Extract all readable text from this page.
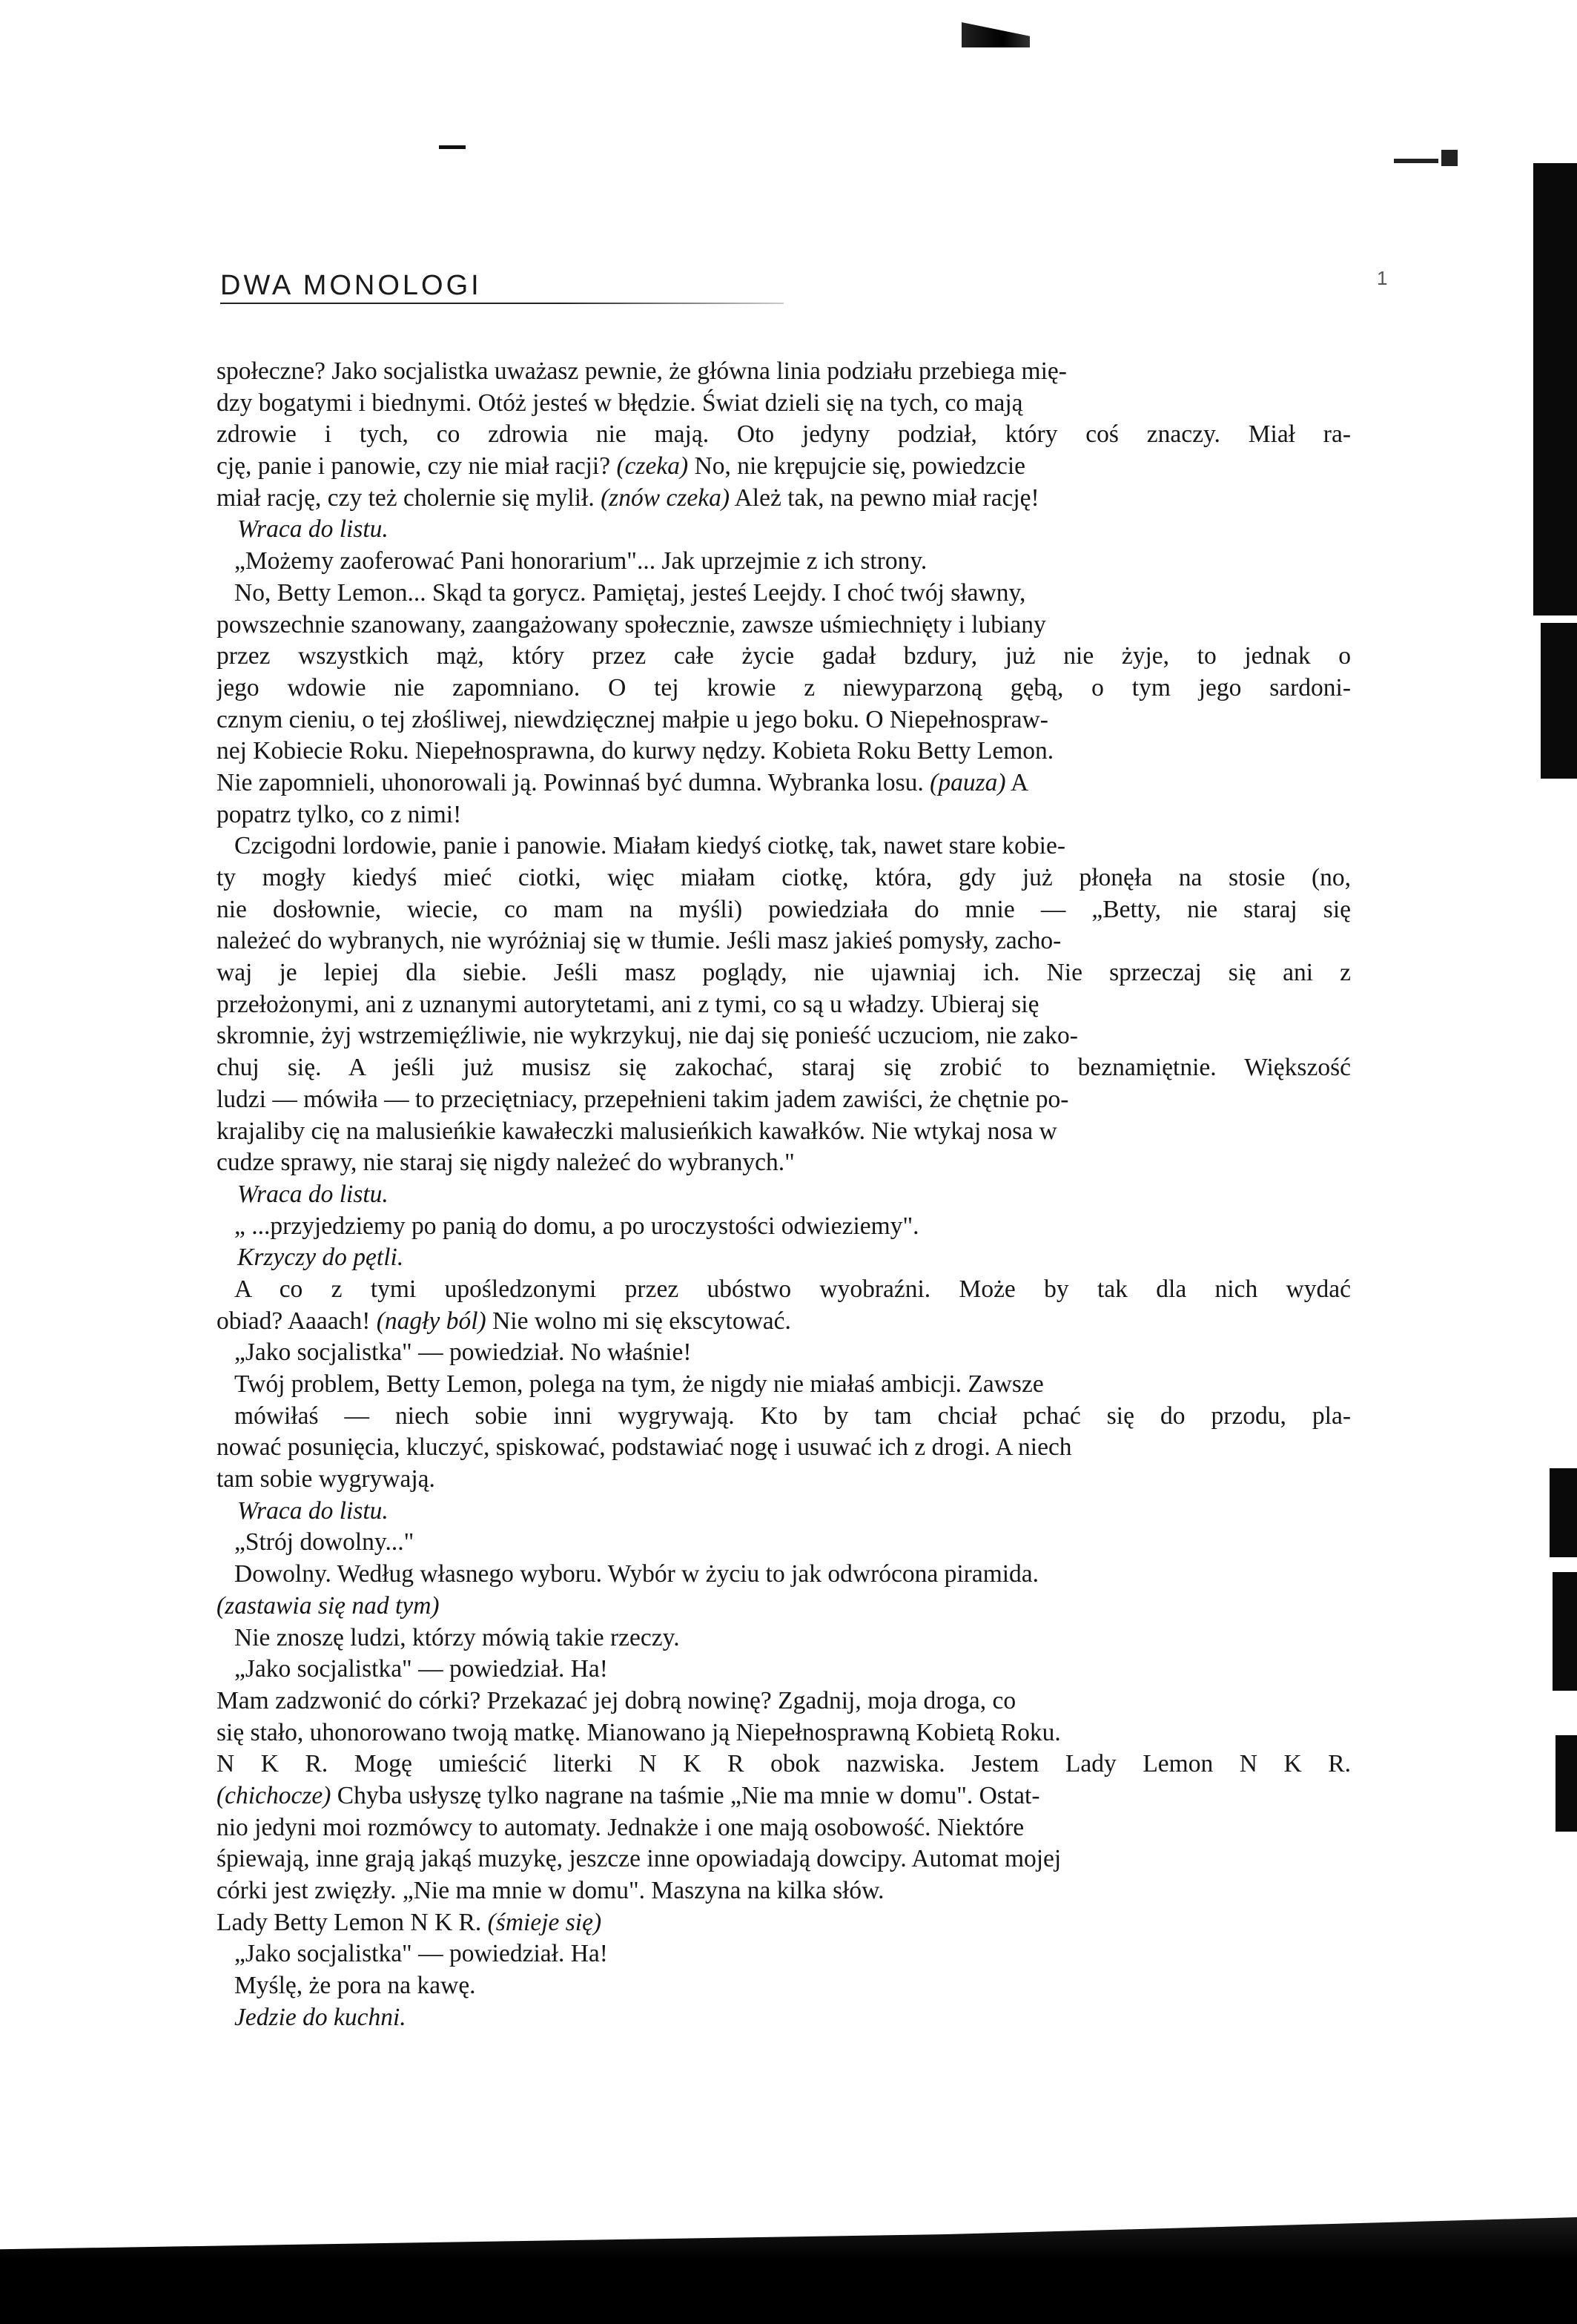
DWA MONOLOGI	1
społeczne? Jako socjalistka uważasz pewnie, że główna linia podziału przebiega mię-
dzy bogatymi i biednymi. Otóż jesteś w błędzie. Świat dzieli się na tych, co mają
zdrowie i tych, co zdrowia nie mają. Oto jedyny podział, który coś znaczy. Miał ra-
cję, panie i panowie, czy nie miał racji? (czeka) No, nie krępujcie się, powiedzcie
miał rację, czy też cholernie się mylił. (znów czeka) Ależ tak, na pewno miał rację!
Wraca do listu.
„Możemy zaoferować Pani honorarium"... Jak uprzejmie z ich strony.
No, Betty Lemon... Skąd ta gorycz. Pamiętaj, jesteś Leejdy. I choć twój sławny,
powszechnie szanowany, zaangażowany społecznie, zawsze uśmiechnięty i lubiany
przez wszystkich mąż, który przez całe życie gadał bzdury, już nie żyje, to jednak o
jego wdowie nie zapomniano. O tej krowie z niewyparzoną gębą, o tym jego sardoni-
cznym cieniu, o tej złośliwej, niewdzięcznej małpie u jego boku. O Niepełnospraw-
nej Kobiecie Roku. Niepełnosprawna, do kurwy nędzy. Kobieta Roku Betty Lemon.
Nie zapomnieli, uhonorowali ją. Powinnaś być dumna. Wybranka losu. (pauza) A
popatrz tylko, co z nimi!
Czcigodni lordowie, panie i panowie. Miałam kiedyś ciotkę, tak, nawet stare kobie-
ty mogły kiedyś mieć ciotki, więc miałam ciotkę, która, gdy już płonęła na stosie (no,
nie dosłownie, wiecie, co mam na myśli) powiedziała do mnie — „Betty, nie staraj się
należeć do wybranych, nie wyróżniaj się w tłumie. Jeśli masz jakieś pomysły, zacho-
waj je lepiej dla siebie. Jeśli masz poglądy, nie ujawniaj ich. Nie sprzeczaj się ani z
przełożonymi, ani z uznanymi autorytetami, ani z tymi, co są u władzy. Ubieraj się
skromnie, żyj wstrzemięźliwie, nie wykrzykuj, nie daj się ponieść uczuciom, nie zako-
chuj się. A jeśli już musisz się zakochać, staraj się zrobić to beznamiętnie. Większość
ludzi — mówiła — to przeciętniacy, przepełnieni takim jadem zawiści, że chętnie po-
krajaliby cię na malusieńkie kawałeczki malusieńkich kawałków. Nie wtykaj nosa w
cudze sprawy, nie staraj się nigdy należeć do wybranych."
Wraca do listu.
„ ...przyjedziemy po panią do domu, a po uroczystości odwieziemy".
Krzyczy do pętli.
A co z tymi upośledzonymi przez ubóstwo wyobraźni. Może by tak dla nich wydać
obiad? Aaaach! (nagły ból) Nie wolno mi się ekscytować.
„Jako socjalistka" — powiedział. No właśnie!
Twój problem, Betty Lemon, polega na tym, że nigdy nie miałaś ambicji. Zawsze
mówiłaś — niech sobie inni wygrywają. Kto by tam chciał pchać się do przodu, pla-
nować posunięcia, kluczyć, spiskować, podstawiać nogę i usuwać ich z drogi. A niech
tam sobie wygrywają.
Wraca do listu.
„Strój dowolny..."
Dowolny. Według własnego wyboru. Wybór w życiu to jak odwrócona piramida.
(zastawia się nad tym)
Nie znoszę ludzi, którzy mówią takie rzeczy.
„Jako socjalistka" — powiedział. Ha!
Mam zadzwonić do córki? Przekazać jej dobrą nowinę? Zgadnij, moja droga, co
się stało, uhonorowano twoją matkę. Mianowano ją Niepełnosprawną Kobietą Roku.
N K R. Mogę umieścić literki N K R obok nazwiska. Jestem Lady Lemon N K R.
(chichocze) Chyba usłyszę tylko nagrane na taśmie „Nie ma mnie w domu". Ostat-
nio jedyni moi rozmówcy to automaty. Jednakże i one mają osobowość. Niektóre
śpiewają, inne grają jakąś muzykę, jeszcze inne opowiadają dowcipy. Automat mojej
córki jest zwięzły. „Nie ma mnie w domu". Maszyna na kilka słów.
Lady Betty Lemon N K R. (śmieje się)
„Jako socjalistka" — powiedział. Ha!
Myślę, że pora na kawę.
Jedzie do kuchni.
